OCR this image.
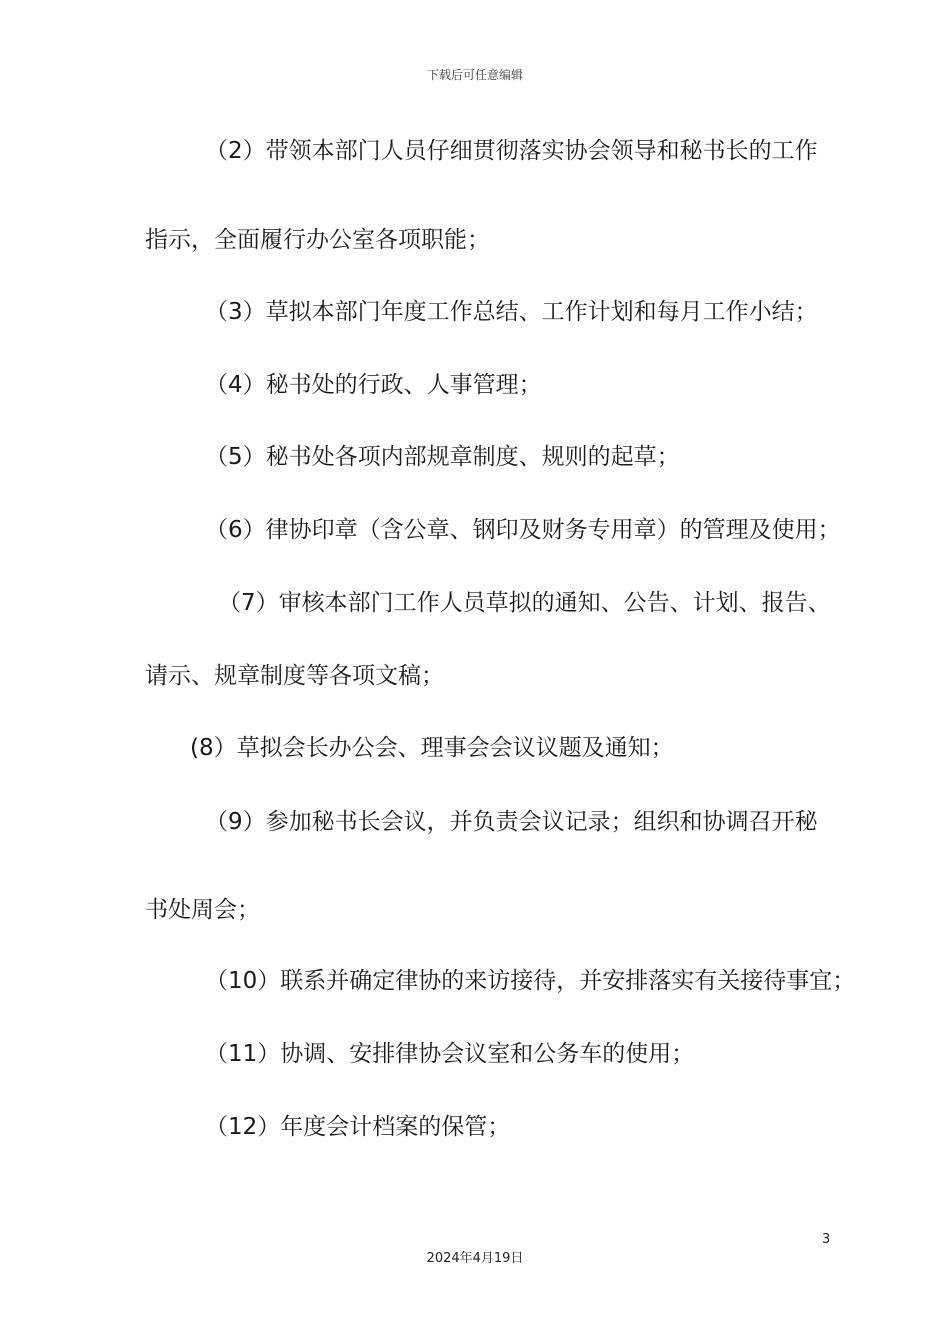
下载后可任意编辑
（2）带领本部门人员仔细贯彻落实协会领导和秘书长的工作
指示，全面履行办公室各项职能；
（3）草拟本部门年度工作总结、工作计划和每月工作小结；
（4）秘书处的行政、人事管理；
（5）秘书处各项内部规章制度、规则的起草；
（6）律协印章（含公章、钢印及财务专用章）的管理及使用；
（7）审核本部门工作人员草拟的通知、公告、计划、报告、
请示、规章制度等各项文稿；
(8）草拟会长办公会、理事会会议议题及通知；
（9）参加秘书长会议，并负责会议记录；组织和协调召开秘
书处周会；
（10）联系并确定律协的来访接待，并安排落实有关接待事宜；
（11）协调、安排律协会议室和公务车的使用；
（12）年度会计档案的保管；
3
2024年4月19日
